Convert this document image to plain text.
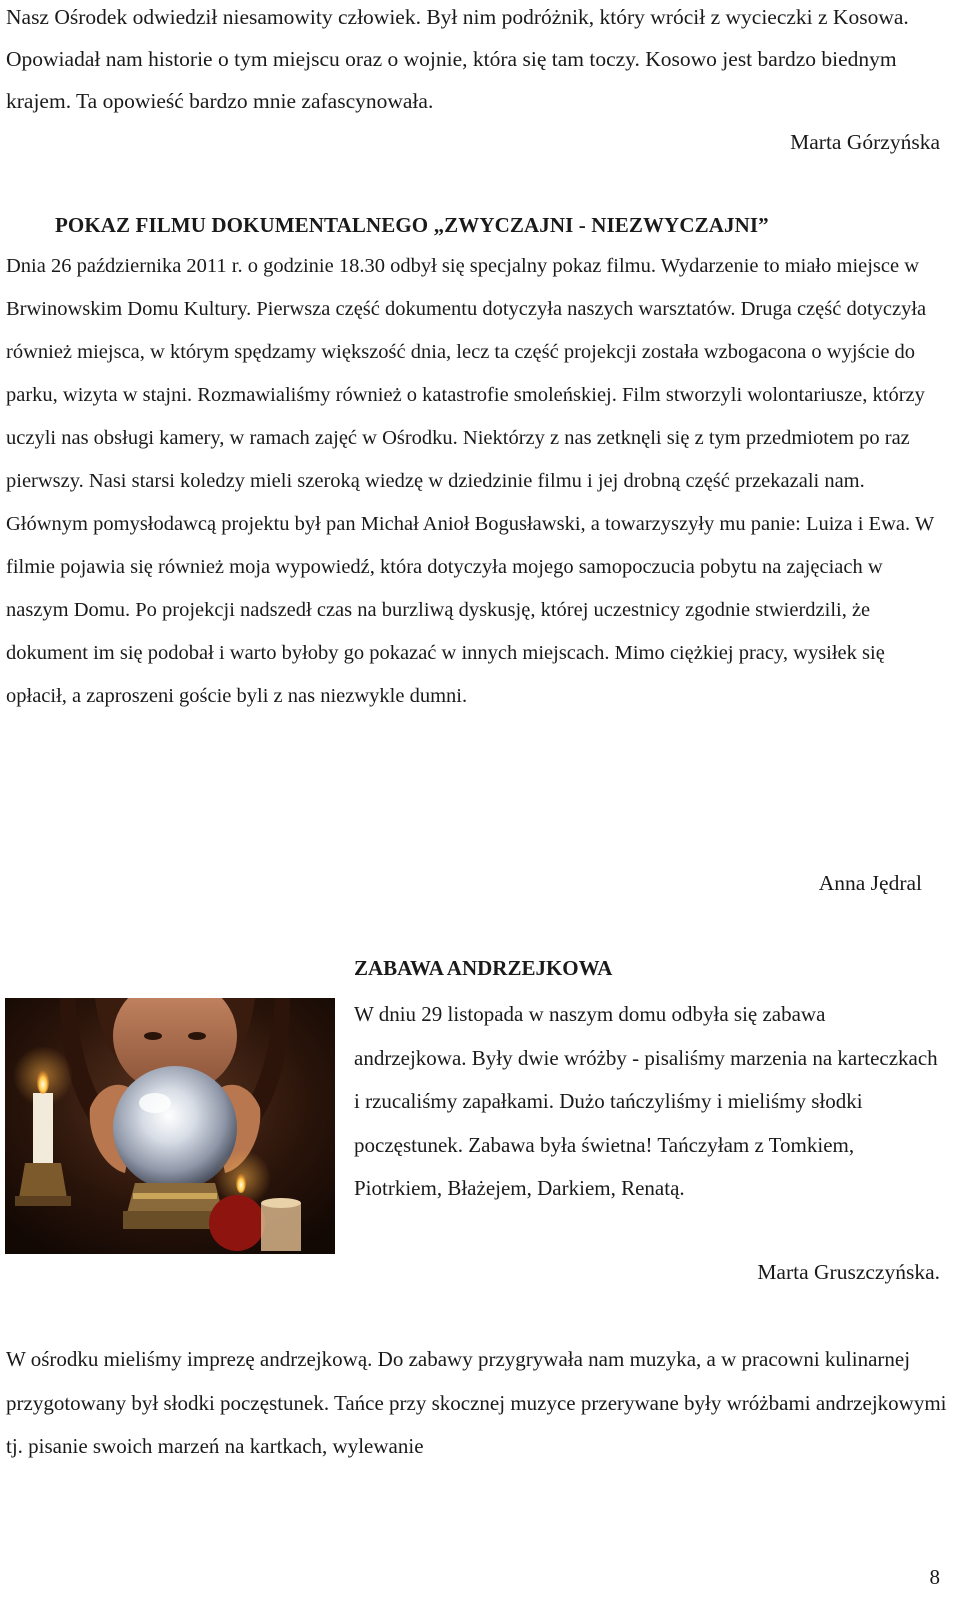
Nasz Ośrodek odwiedził niesamowity człowiek. Był nim podróżnik, który wrócił z wycieczki z Kosowa. Opowiadał nam historie o tym miejscu oraz o wojnie, która się tam toczy. Kosowo jest bardzo biednym krajem. Ta opowieść bardzo mnie zafascynowała.

Marta Górzyńska

POKAZ FILMU DOKUMENTALNEGO „ZWYCZAJNI - NIEZWYCZAJNI”

Dnia 26 października 2011 r. o godzinie 18.30 odbył się specjalny pokaz filmu. Wydarzenie to miało miejsce w Brwinowskim Domu Kultury. Pierwsza część dokumentu dotyczyła naszych warsztatów. Druga część dotyczyła również miejsca, w którym spędzamy większość dnia, lecz ta część projekcji została wzbogacona o wyjście do parku, wizyta w stajni. Rozmawialiśmy również o katastrofie smoleńskiej. Film stworzyli wolontariusze, którzy uczyli nas obsługi kamery, w ramach zajęć w Ośrodku. Niektórzy z nas zetknęli się z tym przedmiotem po raz pierwszy. Nasi starsi koledzy mieli szeroką wiedzę w dziedzinie filmu i jej drobną część przekazali nam. Głównym pomysłodawcą projektu był pan Michał Anioł Bogusławski, a towarzyszyły mu panie: Luiza i Ewa. W filmie pojawia się również moja wypowiedź, która dotyczyła mojego samopoczucia pobytu na zajęciach w naszym Domu. Po projekcji nadszedł czas na burzliwą dyskusję, której uczestnicy zgodnie stwierdzili, że dokument im się podobał i warto byłoby go pokazać w innych miejscach. Mimo ciężkiej pracy, wysiłek się opłacił, a zaproszeni goście byli z nas niezwykle dumni.

Anna Jędral

ZABAWA ANDRZEJKOWA

W dniu 29 listopada w naszym domu odbyła się zabawa andrzejkowa. Były dwie wróżby - pisaliśmy marzenia na karteczkach i rzucaliśmy zapałkami. Dużo tańczyliśmy i mieliśmy słodki poczęstunek. Zabawa była świetna! Tańczyłam z Tomkiem, Piotrkiem, Błażejem, Darkiem, Renatą.

Marta Gruszczyńska.

W ośrodku mieliśmy imprezę andrzejkową. Do zabawy przygrywała nam muzyka, a w pracowni kulinarnej przygotowany był słodki poczęstunek. Tańce przy skocznej muzyce przerywane były wróżbami andrzejkowymi tj. pisanie swoich marzeń na kartkach, wylewanie

8
